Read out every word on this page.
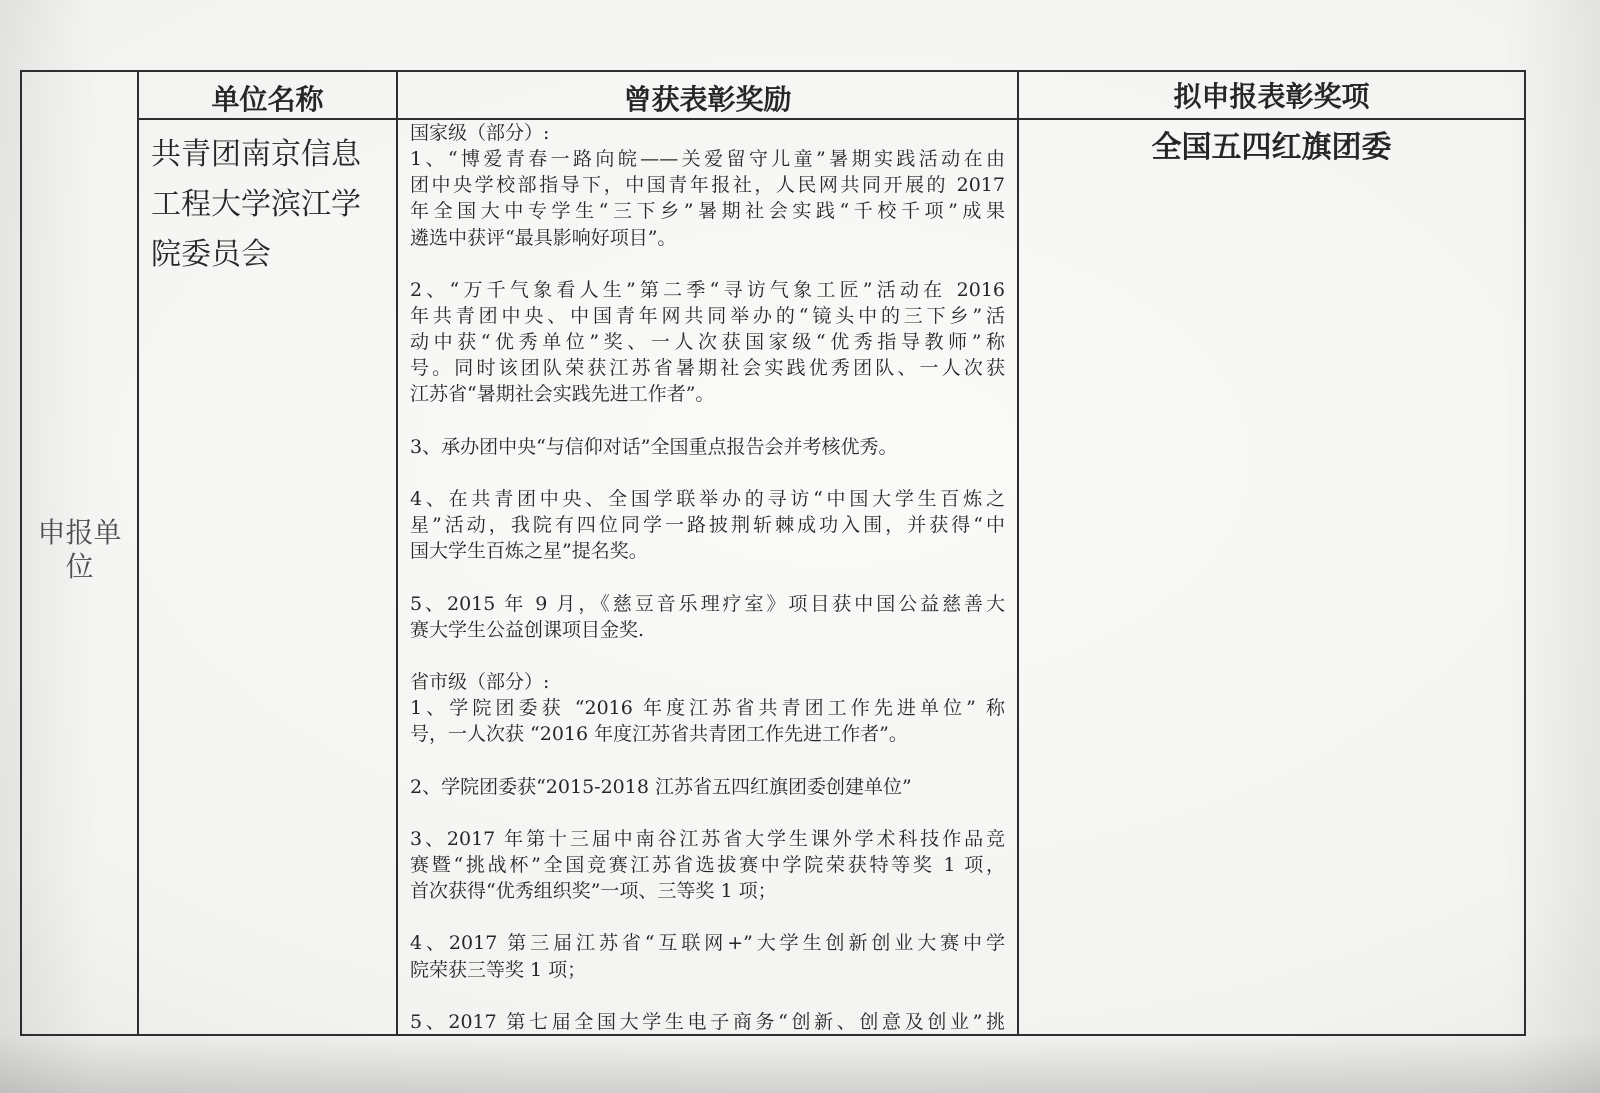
申报单位
单位名称	曾获表彰奖励	拟申报表彰奖项
共青团南京信息工程大学滨江学院委员会
国家级（部分）:
1、“博爱青春一路向皖——关爱留守儿童”暑期实践活动在由
团中央学校部指导下，中国青年报社，人民网共同开展的 2017
年全国大中专学生“三下乡”暑期社会实践“千校千项”成果
遴选中获评“最具影响好项目”。
2、“万千气象看人生”第二季“寻访气象工匠”活动在 2016
年共青团中央、中国青年网共同举办的“镜头中的三下乡”活
动中获“优秀单位”奖、一人次获国家级“优秀指导教师”称
号。同时该团队荣获江苏省暑期社会实践优秀团队、一人次获
江苏省“暑期社会实践先进工作者”。
3、承办团中央“与信仰对话”全国重点报告会并考核优秀。
4、在共青团中央、全国学联举办的寻访“中国大学生百炼之
星”活动，我院有四位同学一路披荆斩棘成功入围，并获得“中
国大学生百炼之星”提名奖。
5、2015 年 9 月，《慈豆音乐理疗室》项目获中国公益慈善大
赛大学生公益创课项目金奖.
省市级（部分）:
1、学院团委获 “2016 年度江苏省共青团工作先进单位” 称
号，一人次获 “2016 年度江苏省共青团工作先进工作者”。
2、学院团委获“2015-2018 江苏省五四红旗团委创建单位”
3、2017 年第十三届中南谷江苏省大学生课外学术科技作品竞
赛暨“挑战杯”全国竞赛江苏省选拔赛中学院荣获特等奖 1 项，
首次获得“优秀组织奖”一项、三等奖 1 项；
4、2017 第三届江苏省“互联网+”大学生创新创业大赛中学
院荣获三等奖 1 项；
5、2017 第七届全国大学生电子商务“创新、创意及创业”挑
全国五四红旗团委
